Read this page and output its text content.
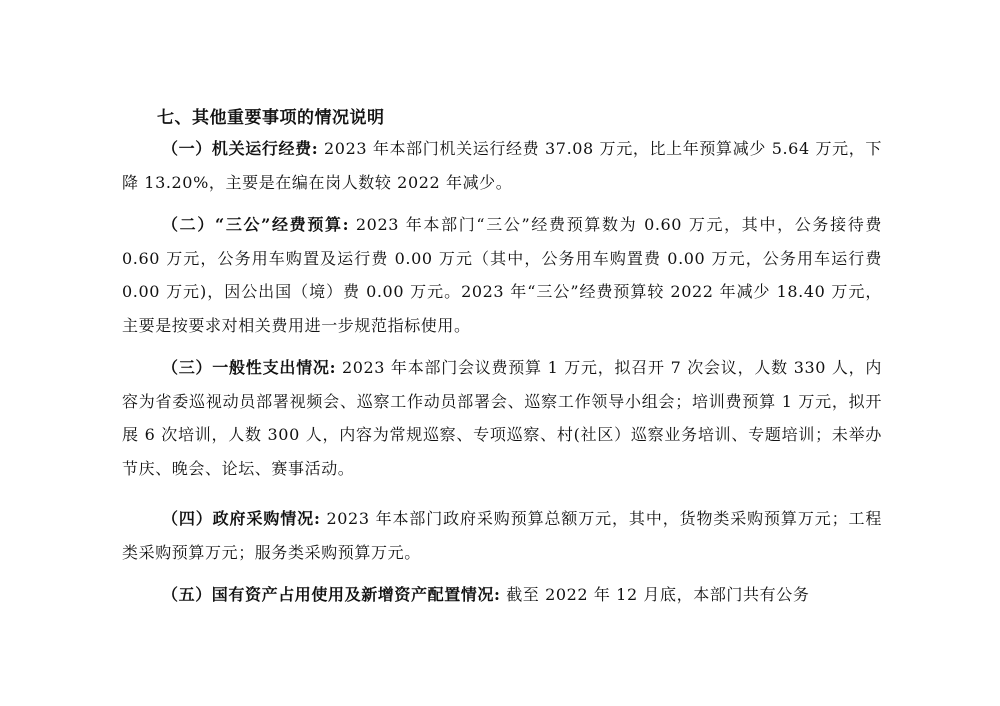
七、其他重要事项的情况说明
（一）机关运行经费: 2023 年本部门机关运行经费 37.08 万元，比上年预算减少 5.64 万元，下降 13.20%，主要是在编在岗人数较 2022 年减少。
（二）“三公”经费预算: 2023 年本部门“三公”经费预算数为 0.60 万元，其中，公务接待费 0.60 万元，公务用车购置及运行费 0.00 万元（其中，公务用车购置费 0.00 万元，公务用车运行费 0.00 万元)，因公出国（境）费 0.00 万元。2023 年“三公”经费预算较 2022 年减少 18.40 万元，主要是按要求对相关费用进一步规范指标使用。
（三）一般性支出情况: 2023 年本部门会议费预算 1 万元，拟召开 7 次会议，人数 330 人，内容为省委巡视动员部署视频会、巡察工作动员部署会、巡察工作领导小组会；培训费预算 1 万元，拟开展 6 次培训，人数 300 人，内容为常规巡察、专项巡察、村(社区）巡察业务培训、专题培训；未举办节庆、晚会、论坛、赛事活动。
（四）政府采购情况: 2023 年本部门政府采购预算总额万元，其中，货物类采购预算万元；工程类采购预算万元；服务类采购预算万元。
（五）国有资产占用使用及新增资产配置情况: 截至 2022 年 12 月底，本部门共有公务
